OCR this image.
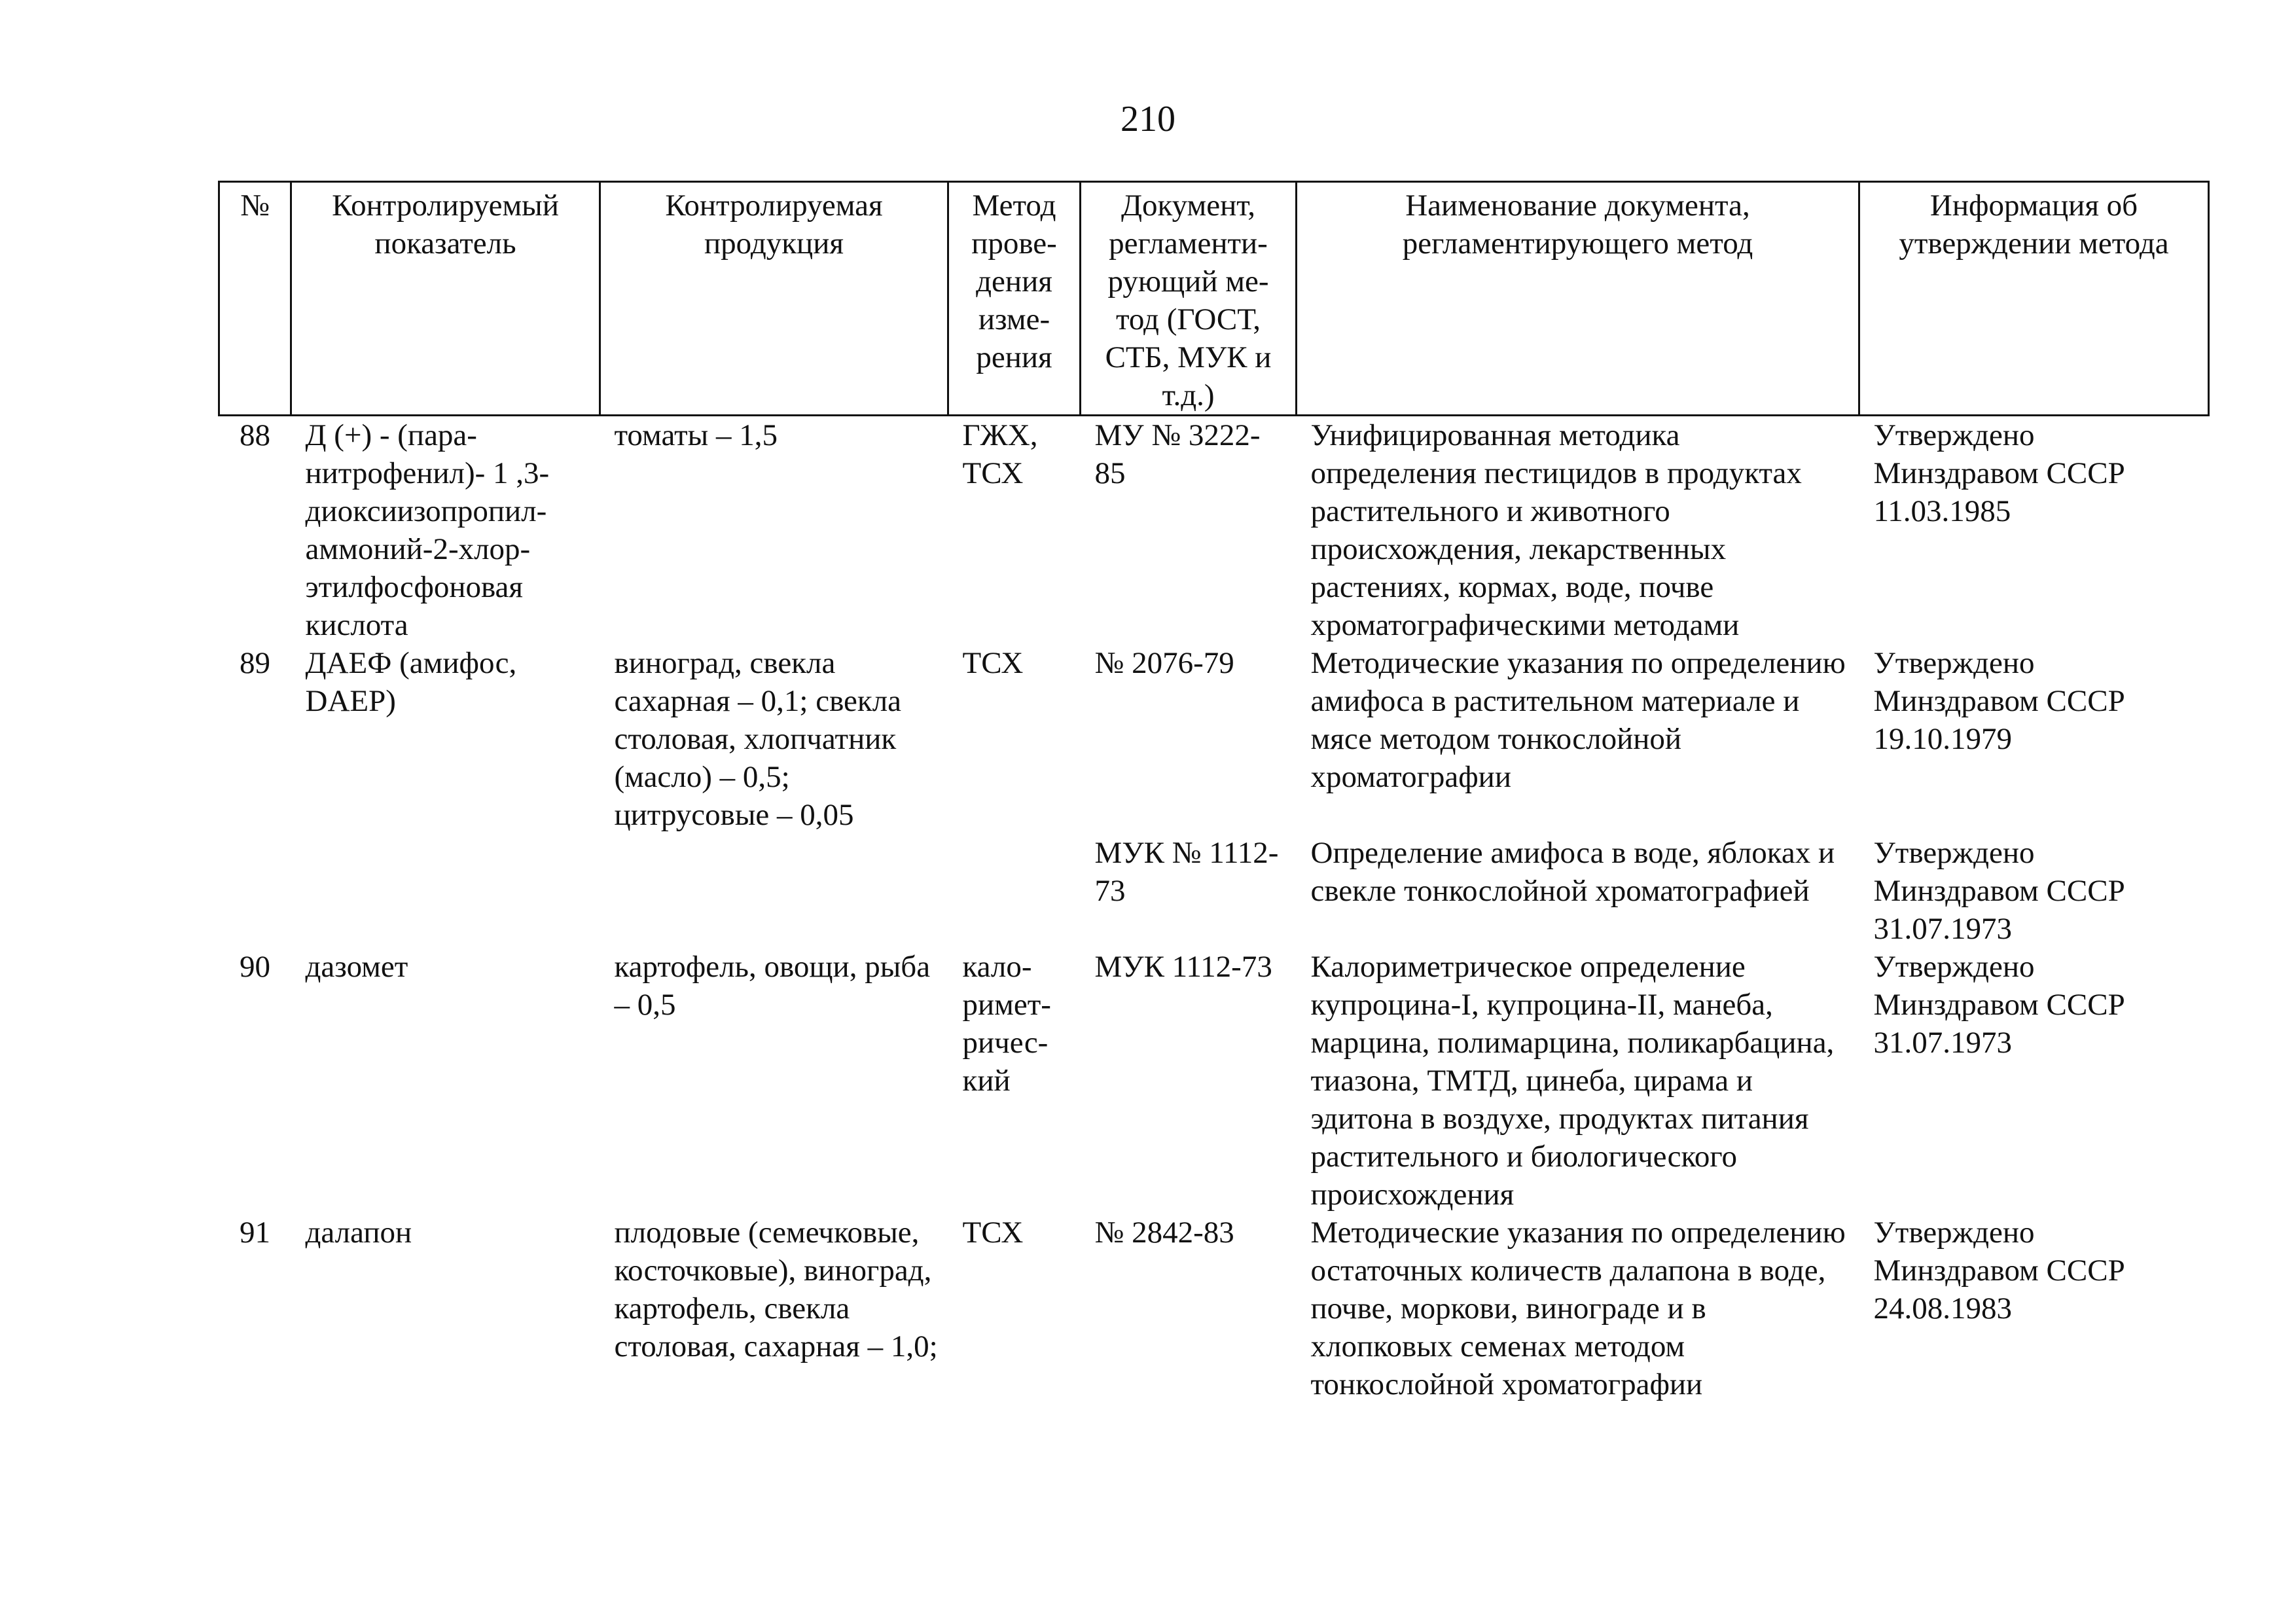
210
№	Контролируемый показатель	Контролируемая продукция	Метод прове-дения изме-рения	Документ, регламенти-рующий ме-тод (ГОСТ, СТБ, МУК и т.д.)	Наименование документа, регламентирующего метод	Информация об утверждении метода
88	Д (+) - (пара-нитрофенил)- 1 ,3-диоксиизопропил-аммоний-2-хлор-этилфосфоновая кислота	томаты – 1,5	ГЖХ, ТСХ	МУ № 3222-85	Унифицированная методика определения пестицидов в продуктах растительного и животного происхождения, лекарственных растениях, кормах, воде, почве хроматографическими методами	Утверждено Минздравом СССР 11.03.1985
89	ДАЕФ (амифос, DAEP)	виноград, свекла сахарная – 0,1; свекла столовая, хлопчатник (масло) – 0,5; цитрусовые – 0,05	ТСХ	№ 2076-79	Методические указания по определению амифоса в растительном материале и мясе методом тонкослойной хроматографии	Утверждено Минздравом СССР 19.10.1979
				МУК № 1112-73	Определение амифоса в воде, яблоках и свекле тонкослойной хроматографией	Утверждено Минздравом СССР 31.07.1973
90	дазомет	картофель, овощи, рыба – 0,5	кало-римет-ричес-кий	МУК 1112-73	Калориметрическое определение купроцина-I, купроцина-II, манеба, марцина, полимарцина, поликарбацина, тиазона, ТМТД, цинеба, цирама и эдитона в воздухе, продуктах питания растительного и биологического происхождения	Утверждено Минздравом СССР 31.07.1973
91	далапон	плодовые (семечковые, косточковые), виноград, картофель, свекла столовая, сахарная – 1,0;	ТСХ	№ 2842-83	Методические указания по определению остаточных количеств далапона в воде, почве, моркови, винограде и в хлопковых семенах методом тонкослойной хроматографии	Утверждено Минздравом СССР 24.08.1983
